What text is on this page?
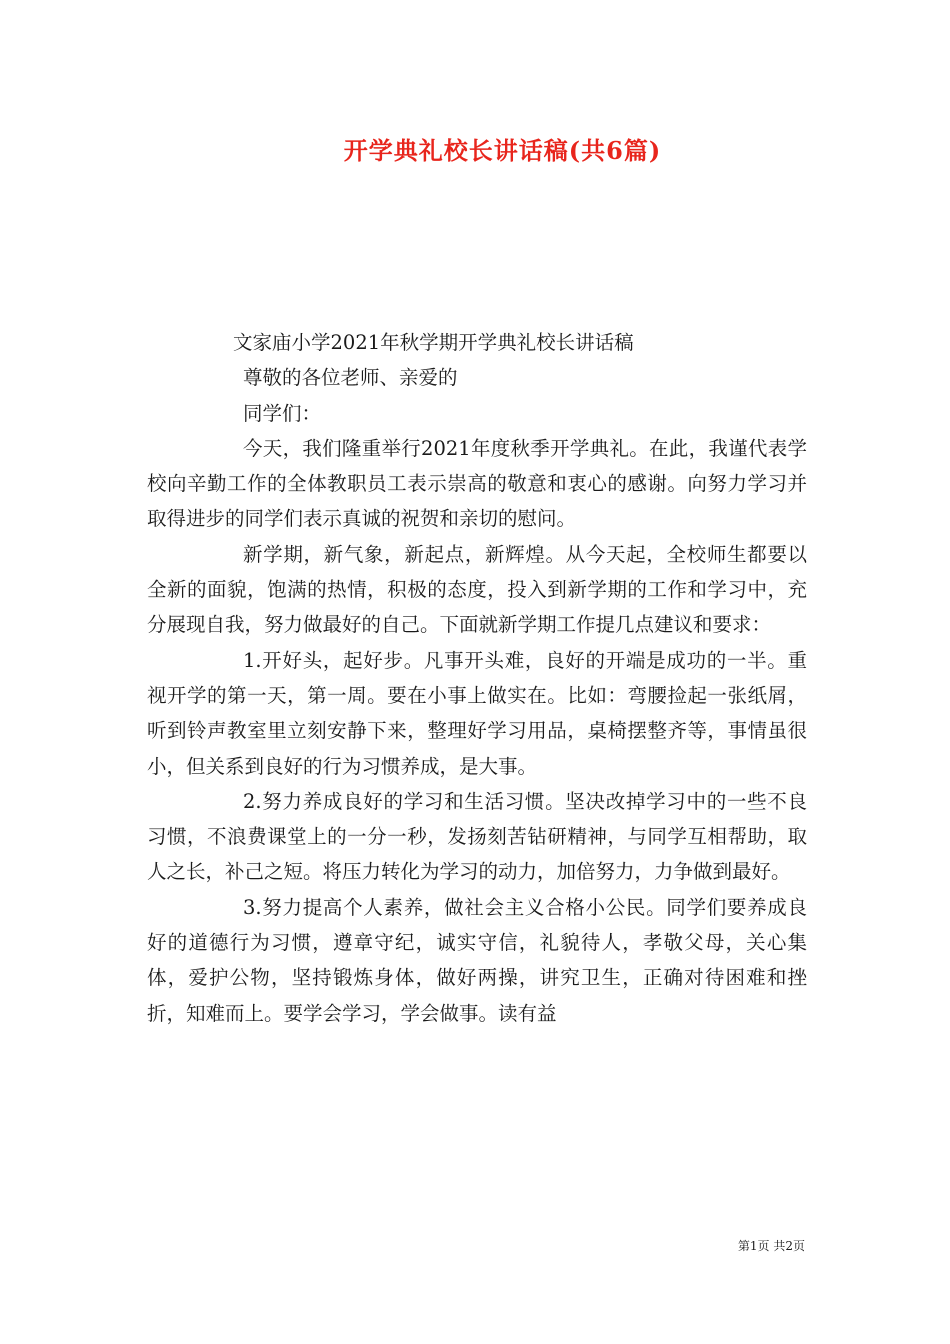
开学典礼校长讲话稿(共6篇)

文家庙小学2021年秋学期开学典礼校长讲话稿

尊敬的各位老师、亲爱的

同学们：

今天，我们隆重举行2021年度秋季开学典礼。在此，我谨代表学校向辛勤工作的全体教职员工表示崇高的敬意和衷心的感谢。向努力学习并取得进步的同学们表示真诚的祝贺和亲切的慰问。

新学期，新气象，新起点，新辉煌。从今天起，全校师生都要以全新的面貌，饱满的热情，积极的态度，投入到新学期的工作和学习中，充分展现自我，努力做最好的自己。下面就新学期工作提几点建议和要求：

1.开好头，起好步。凡事开头难，良好的开端是成功的一半。重视开学的第一天，第一周。要在小事上做实在。比如：弯腰捡起一张纸屑，听到铃声教室里立刻安静下来，整理好学习用品，桌椅摆整齐等，事情虽很小，但关系到良好的行为习惯养成，是大事。

2.努力养成良好的学习和生活习惯。坚决改掉学习中的一些不良习惯，不浪费课堂上的一分一秒，发扬刻苦钻研精神，与同学互相帮助，取人之长，补己之短。将压力转化为学习的动力，加倍努力，力争做到最好。

3.努力提高个人素养，做社会主义合格小公民。同学们要养成良好的道德行为习惯，遵章守纪，诚实守信，礼貌待人，孝敬父母，关心集体，爱护公物，坚持锻炼身体，做好两操，讲究卫生，正确对待困难和挫折，知难而上。要学会学习，学会做事。读有益

第1页 共2页
